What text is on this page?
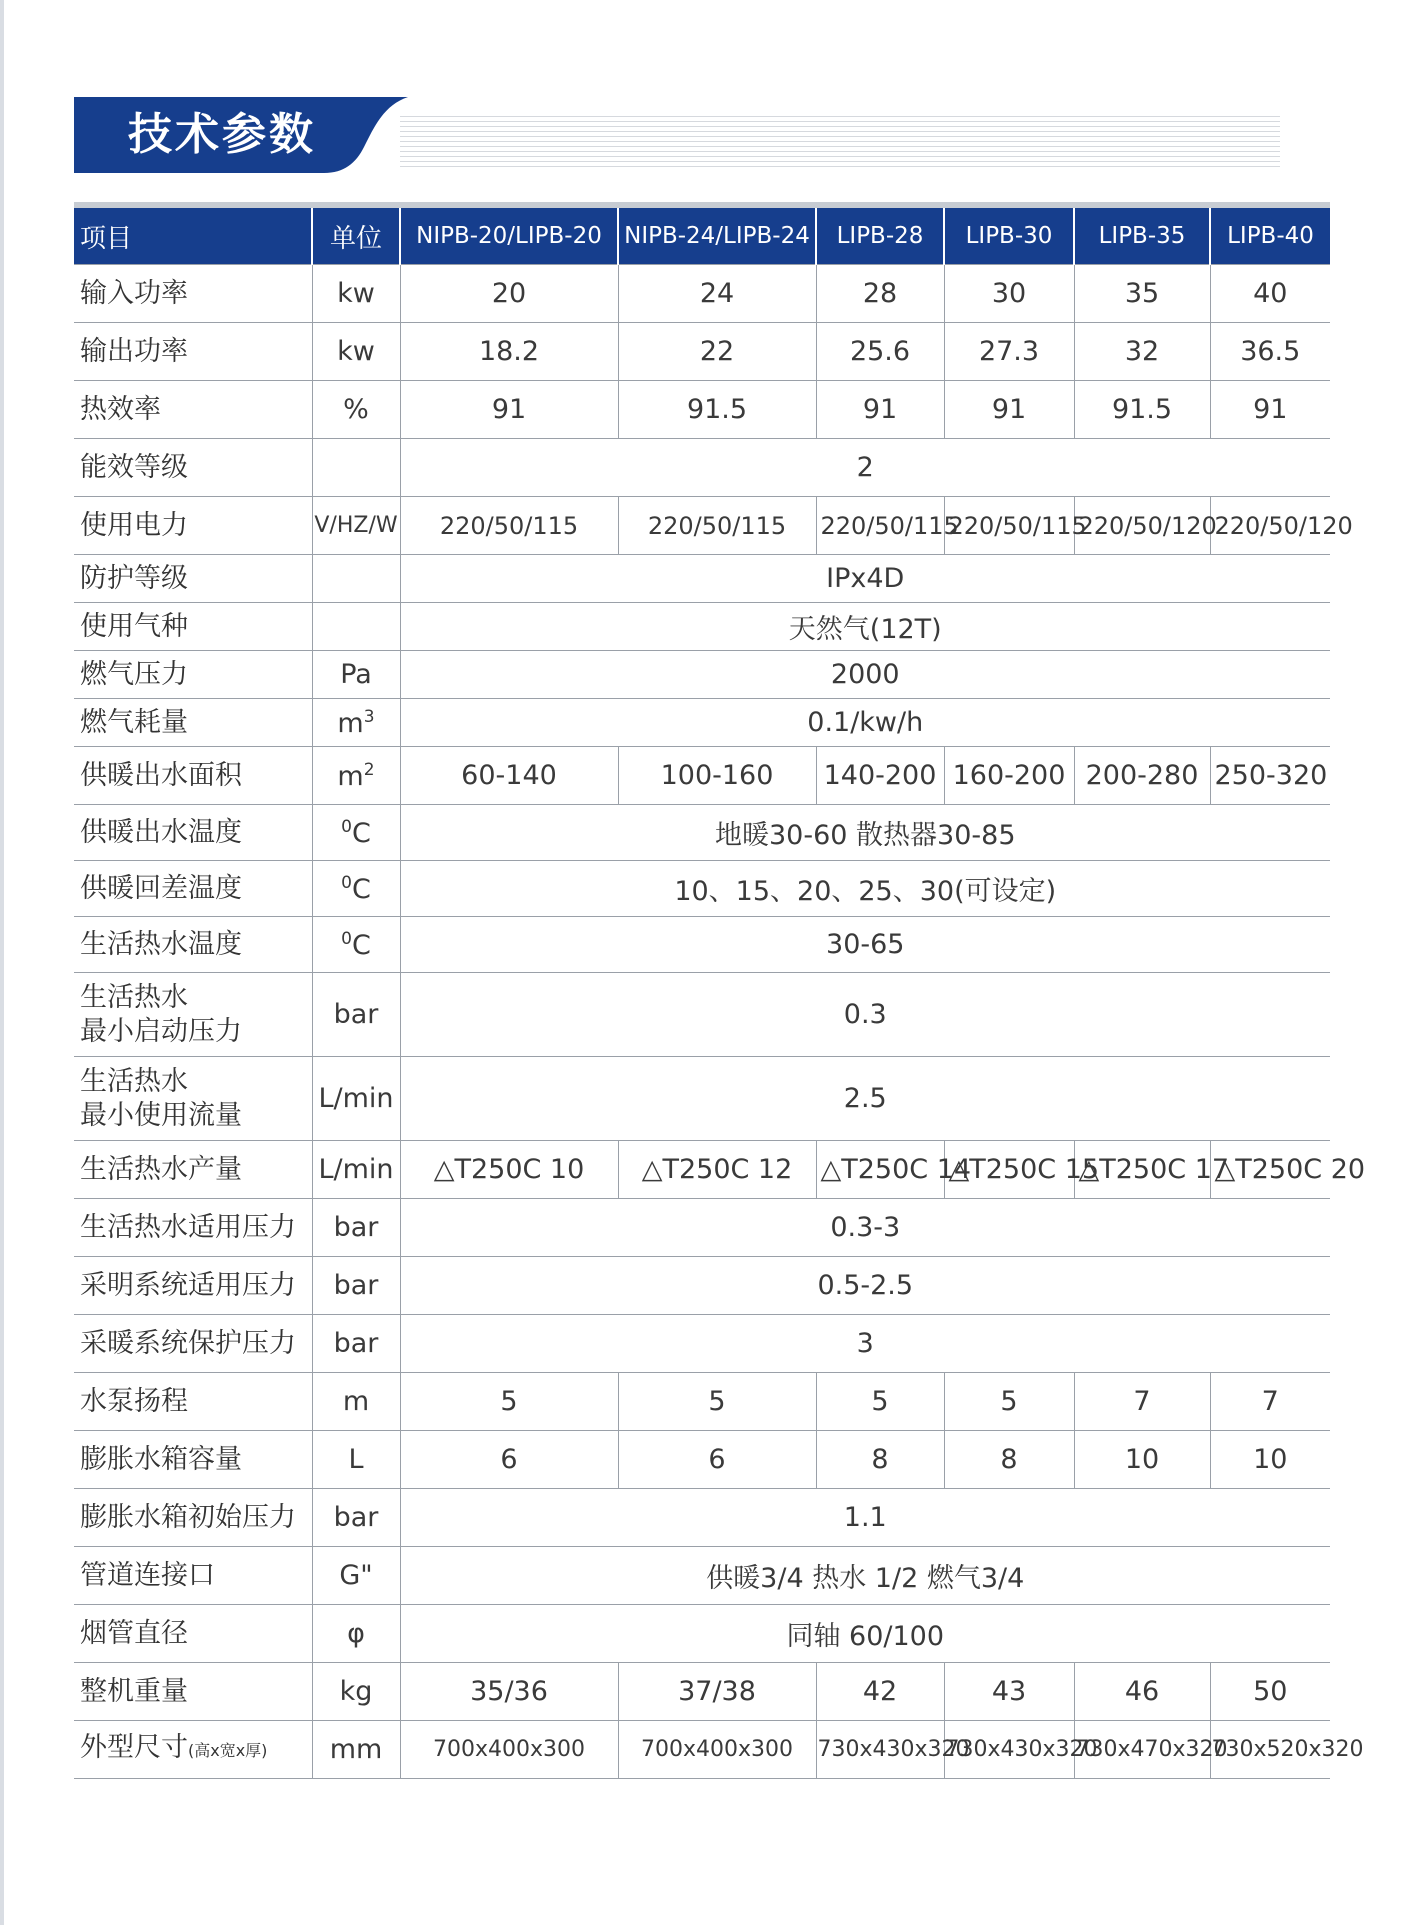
技术参数
项目	单位	NIPB-20/LIPB-20	NIPB-24/LIPB-24	LIPB-28	LIPB-30	LIPB-35	LIPB-40
输入功率	kw	20	24	28	30	35	40
输出功率	kw	18.2	22	25.6	27.3	32	36.5
热效率	%	91	91.5	91	91	91.5	91
能效等级		2					
使用电力	V/HZ/W	220/50/115	220/50/115	220/50/115	220/50/115	220/50/120	220/50/120
防护等级		IPx4D					
使用气种		天然气(12T)					
燃气压力	Pa	2000					
燃气耗量	$m^3$	0.1/kw/h					
供暖出水面积	$m^2$	60-140	100-160	140-200	160-200	200-280	250-320
供暖出水温度	$^0$C	地暖30-60 散热器30-85					
供暖回差温度	$^0$C	10、15、20、25、30(可设定)					
生活热水温度	$^0$C	30-65					
生活热水
最小启动压力	bar	0.3					
生活热水
最小使用流量	L/min	2.5					
生活热水产量	L/min	△T250C 10	△T250C 12	△T250C 14	△T250C 15	△T250C 17	△T250C 20
生活热水适用压力	bar	0.3-3					
采明系统适用压力	bar	0.5-2.5					
采暖系统保护压力	bar	3					
水泵扬程	m	5	5	5	5	7	7
膨胀水箱容量	L	6	6	8	8	10	10
膨胀水箱初始压力	bar	1.1					
管道连接口	G"	供暖3/4 热水 1/2 燃气3/4					
烟管直径	φ	同轴 60/100					
整机重量	kg	35/36	37/38	42	43	46	50
外型尺寸(高x宽x厚)	mm	700x400x300	700x400x300	730x430x320	730x430x320	730x470x320	730x520x320
